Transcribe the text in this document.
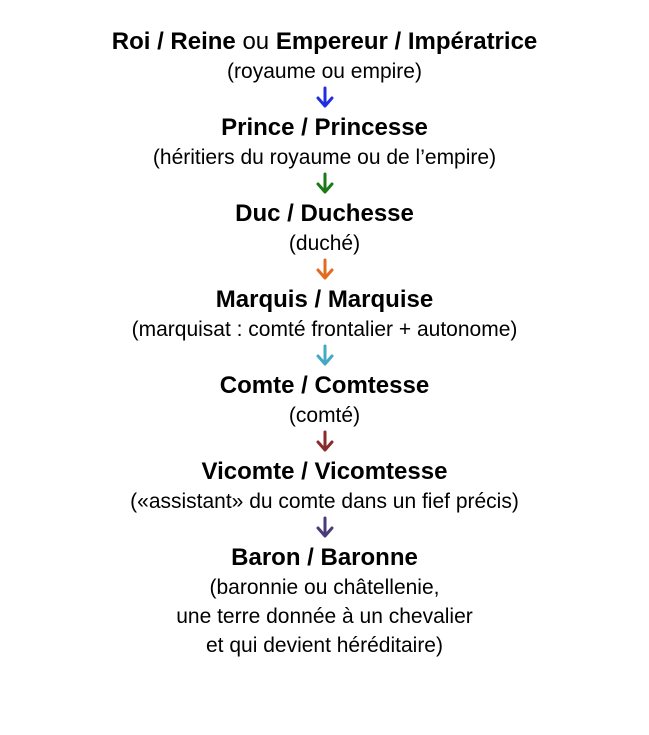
Roi / Reine ou Empereur / Impératrice
(royaume ou empire)
Prince / Princesse
(héritiers du royaume ou de l’empire)
Duc / Duchesse
(duché)
Marquis / Marquise
(marquisat : comté frontalier + autonome)
Comte / Comtesse
(comté)
Vicomte / Vicomtesse
(«assistant» du comte dans un fief précis)
Baron / Baronne
(baronnie ou châtellenie,
une terre donnée à un chevalier
et qui devient héréditaire)
